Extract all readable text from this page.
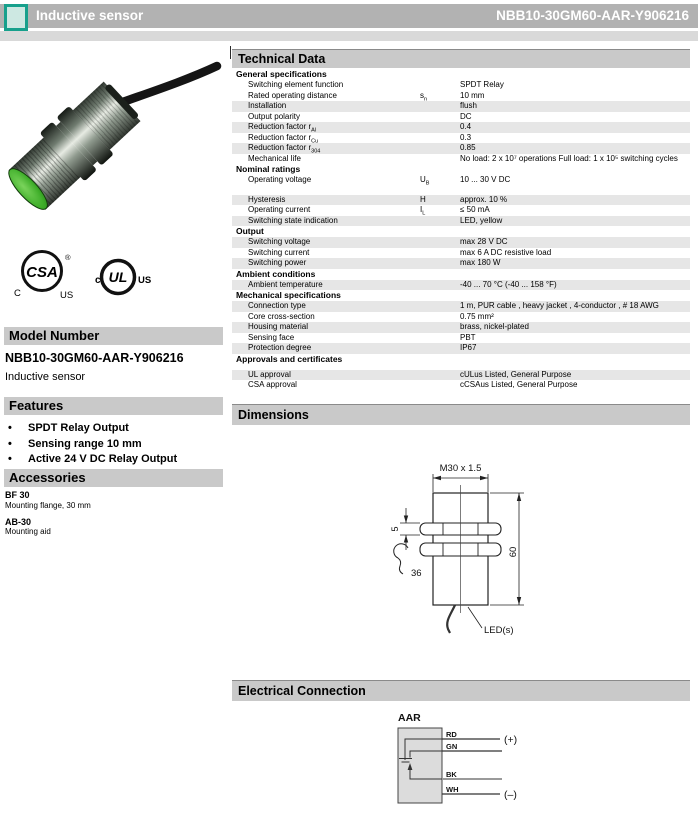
Inductive sensor	NBB10-30GM60-AAR-Y906216
CSA
®
C	US
UL
c	US
Model Number
NBB10-30GM60-AAR-Y906216
Inductive sensor
Features
• SPDT Relay Output
• Sensing range 10 mm
• Active 24 V DC Relay Output
Accessories
BF 30
Mounting flange, 30 mm
AB-30
Mounting aid
Technical Data
General specifications
Switching element function	SPDT Relay
Rated operating distance	$s_n$	10 mm
Installation	flush
Output polarity	DC
Reduction factor $r_{Al}$	0.4
Reduction factor $r_{Cu}$	0.3
Reduction factor $r_{304}$	0.85
Mechanical life	No load: 2 x 10⁷ operations Full load: 1 x 10⁵ switching cycles
Nominal ratings
Operating voltage	$U_B$	10 ... 30 V DC
Hysteresis	H	approx. 10 %
Operating current	$I_L$	≤ 50 mA
Switching state indication	LED, yellow
Output
Switching voltage	max 28 V DC
Switching current	max 6 A DC resistive load
Switching power	max 180 W
Ambient conditions
Ambient temperature	-40 ... 70 °C (-40 ... 158 °F)
Mechanical specifications
Connection type	1 m, PUR cable , heavy jacket , 4-conductor , # 18 AWG
Core cross-section	0.75 mm²
Housing material	brass, nickel-plated
Sensing face	PBT
Protection degree	IP67
Approvals and certificates
UL approval	cULus Listed, General Purpose
CSA approval	cCSAus Listed, General Purpose
Dimensions
M30 x 1.5
60
5
36
LED(s)
Electrical Connection
AAR
RD
GN
BK
WH
(+)
(–)
